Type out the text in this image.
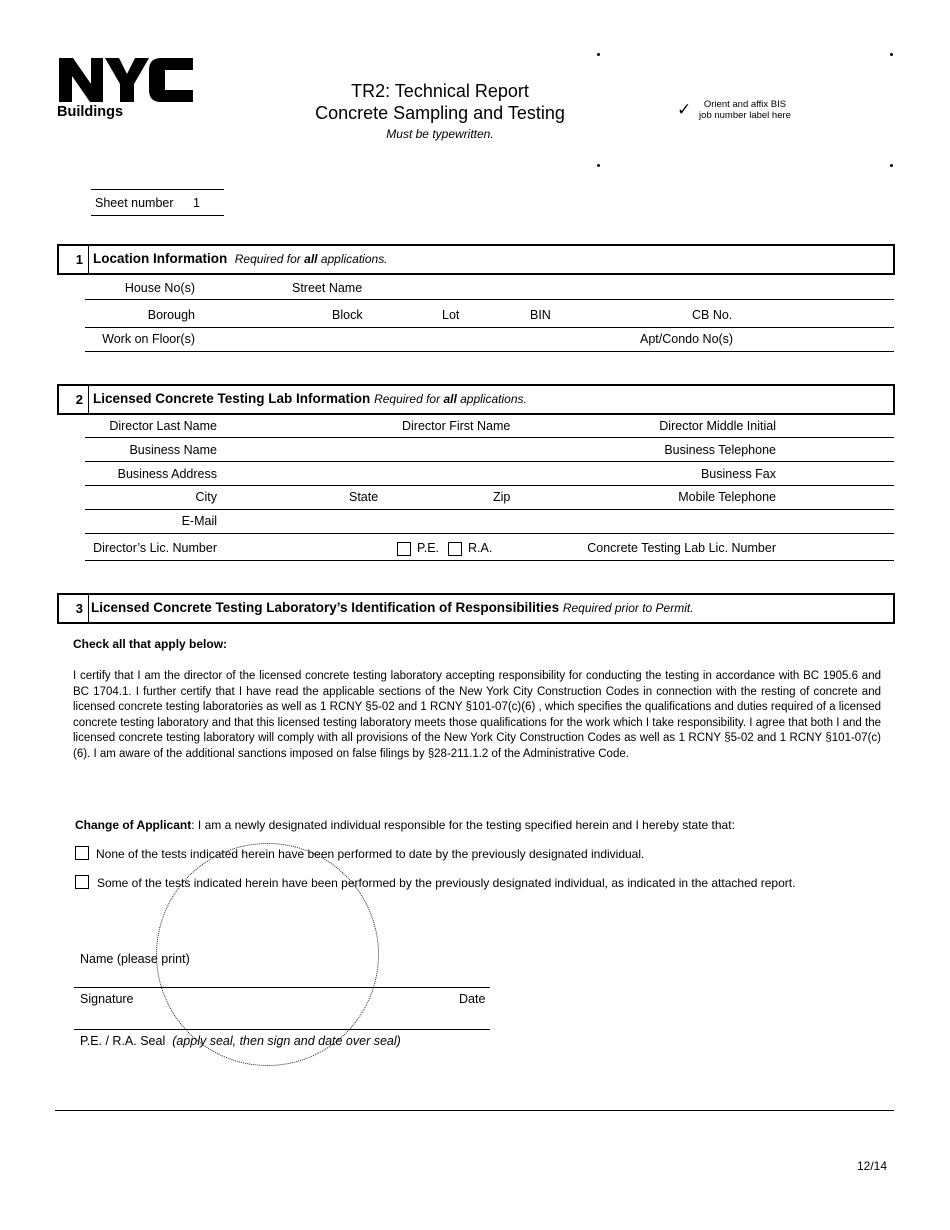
Buildings
TR2: Technical Report
Concrete Sampling and Testing
Must be typewritten.
✓	Orient and affix BIS
job number label here
Sheet number 1
1 Location Information Required for all applications.
House No(s)	Street Name
Borough	Block	Lot	BIN	CB No.
Work on Floor(s)	Apt/Condo No(s)
2 Licensed Concrete Testing Lab Information Required for all applications.
Director Last Name	Director First Name	Director Middle Initial
Business Name	Business Telephone
Business Address	Business Fax
City	State	Zip	Mobile Telephone
E-Mail
Director’s Lic. Number	P.E. R.A.	Concrete Testing Lab Lic. Number
3 Licensed Concrete Testing Laboratory’s Identification of Responsibilities Required prior to Permit.
Check all that apply below:
I certify that I am the director of the licensed concrete testing laboratory accepting responsibility for conducting the testing in accordance with BC 1905.6 and BC 1704.1. I further certify that I have read the applicable sections of the New York City Construction Codes in connection with the resting of concrete and licensed concrete testing laboratories as well as 1 RCNY §5-02 and 1 RCNY §101-07(c)(6) , which specifies the qualifications and duties required of a licensed concrete testing laboratory and that this licensed testing laboratory meets those qualifications for the work which I take responsibility. I agree that both I and the licensed concrete testing laboratory will comply with all provisions of the New York City Construction Codes as well as 1 RCNY §5-02 and 1 RCNY §101-07(c)(6). I am aware of the additional sanctions imposed on false filings by §28-211.1.2 of the Administrative Code.
Change of Applicant: I am a newly designated individual responsible for the testing specified herein and I hereby state that:
None of the tests indicated herein have been performed to date by the previously designated individual.
Some of the tests indicated herein have been performed by the previously designated individual, as indicated in the attached report.
Name (please print)
Signature	Date
P.E. / R.A. Seal (apply seal, then sign and date over seal)
12/14
